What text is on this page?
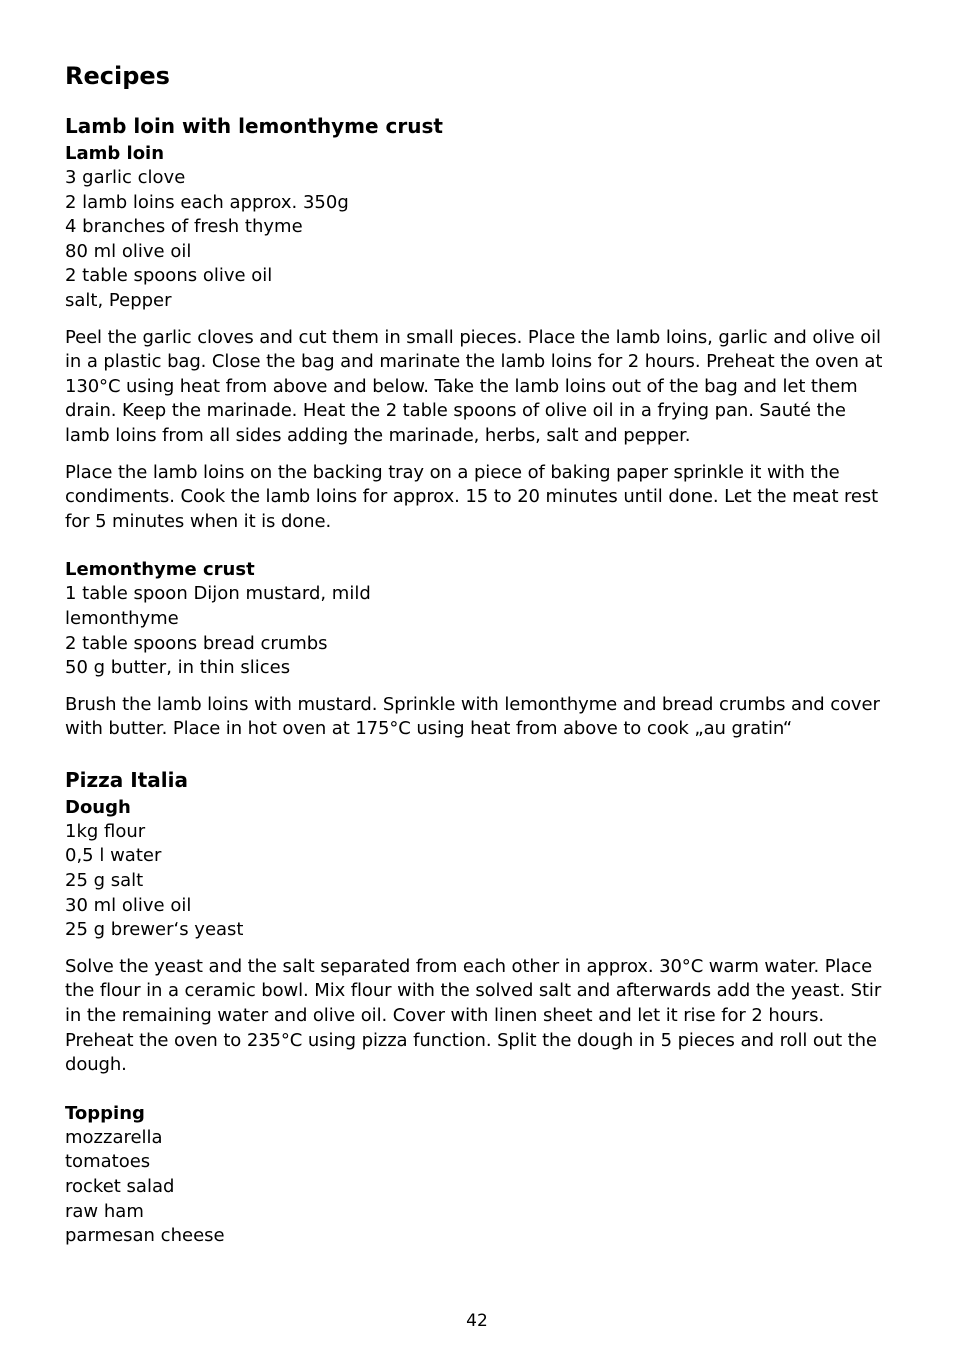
Recipes
Lamb loin with lemonthyme crust
Lamb loin
3 garlic clove
2 lamb loins each approx. 350g
4 branches of fresh thyme
80 ml olive oil
2 table spoons olive oil
salt, Pepper

Peel the garlic cloves and cut them in small pieces. Place the lamb loins, garlic and olive oil in a plastic bag. Close the bag and marinate the lamb loins for 2 hours. Preheat the oven at 130°C using heat from above and below. Take the lamb loins out of the bag and let them drain. Keep the marinade. Heat the 2 table spoons of olive oil in a frying pan. Sauté the lamb loins from all sides adding the marinade, herbs, salt and pepper.

Place the lamb loins on the backing tray on a piece of baking paper sprinkle it with the condiments. Cook the lamb loins for approx. 15 to 20 minutes until done. Let the meat rest for 5 minutes when it is done.

Lemonthyme crust
1 table spoon Dijon mustard, mild
lemonthyme
2 table spoons bread crumbs
50 g butter, in thin slices

Brush the lamb loins with mustard. Sprinkle with lemonthyme and bread crumbs and cover with butter. Place in hot oven at 175°C using heat from above to cook „au gratin“

Pizza Italia
Dough
1kg flour
0,5 l water
25 g salt
30 ml olive oil
25 g brewer‘s yeast

Solve the yeast and the salt separated from each other in approx. 30°C warm water. Place the flour in a ceramic bowl. Mix flour with the solved salt and afterwards add the yeast. Stir in the remaining water and olive oil. Cover with linen sheet and let it rise for 2 hours. Preheat the oven to 235°C using pizza function. Split the dough in 5 pieces and roll out the dough.

Topping
mozzarella
tomatoes
rocket salad
raw ham
parmesan cheese
42
